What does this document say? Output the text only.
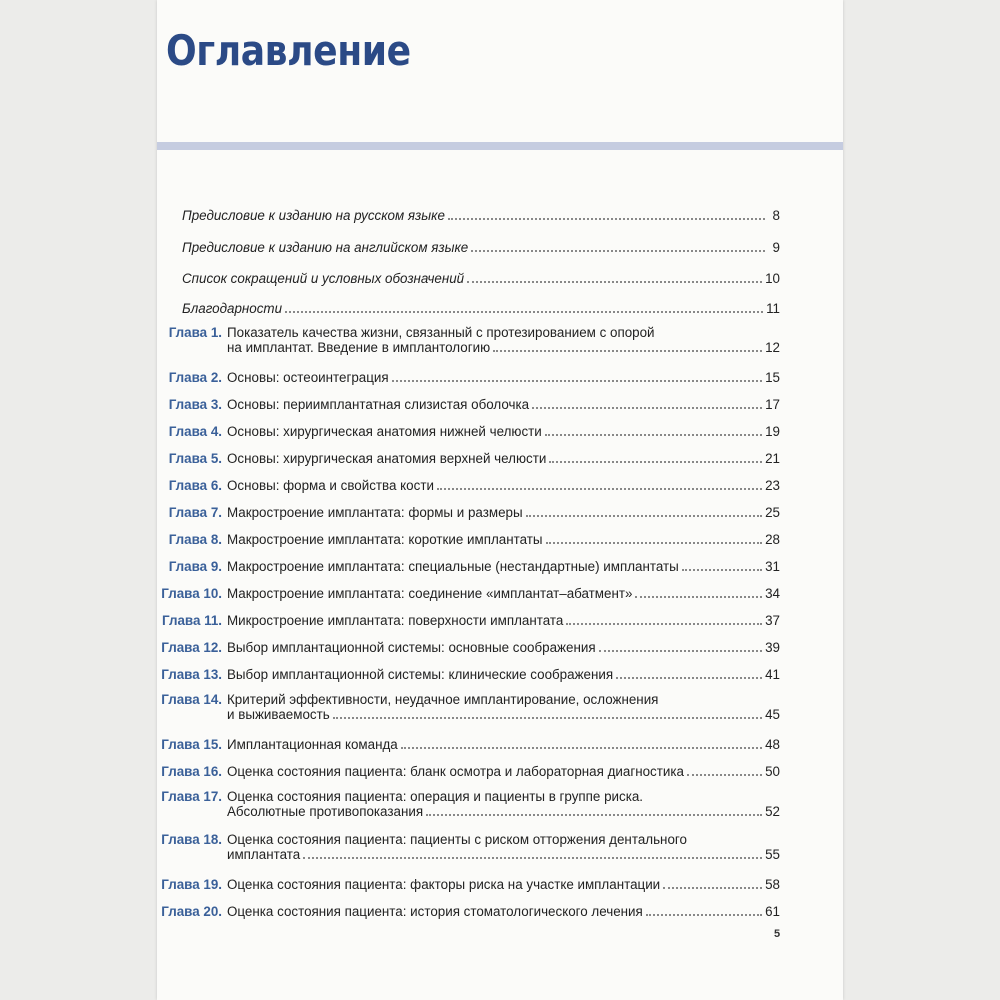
Оглавление
Предисловие к изданию на русском языке	8
Предисловие к изданию на английском языке	9
Список сокращений и условных обозначений	10
Благодарности	11
Глава 1. Показатель качества жизни, связанный с протезированием с опорой
на имплантат. Введение в имплантологию	12
Глава 2. Основы: остеоинтеграция	15
Глава 3. Основы: периимплантатная слизистая оболочка	17
Глава 4. Основы: хирургическая анатомия нижней челюсти	19
Глава 5. Основы: хирургическая анатомия верхней челюсти	21
Глава 6. Основы: форма и свойства кости	23
Глава 7. Макростроение имплантата: формы и размеры	25
Глава 8. Макростроение имплантата: короткие имплантаты	28
Глава 9. Макростроение имплантата: специальные (нестандартные) имплантаты	31
Глава 10. Макростроение имплантата: соединение «имплантат–абатмент»	34
Глава 11. Микростроение имплантата: поверхности имплантата	37
Глава 12. Выбор имплантационной системы: основные соображения	39
Глава 13. Выбор имплантационной системы: клинические соображения	41
Глава 14. Критерий эффективности, неудачное имплантирование, осложнения
и выживаемость	45
Глава 15. Имплантационная команда	48
Глава 16. Оценка состояния пациента: бланк осмотра и лабораторная диагностика	50
Глава 17. Оценка состояния пациента: операция и пациенты в группе риска.
Абсолютные противопоказания	52
Глава 18. Оценка состояния пациента: пациенты с риском отторжения дентального
имплантата	55
Глава 19. Оценка состояния пациента: факторы риска на участке имплантации	58
Глава 20. Оценка состояния пациента: история стоматологического лечения	61
5
